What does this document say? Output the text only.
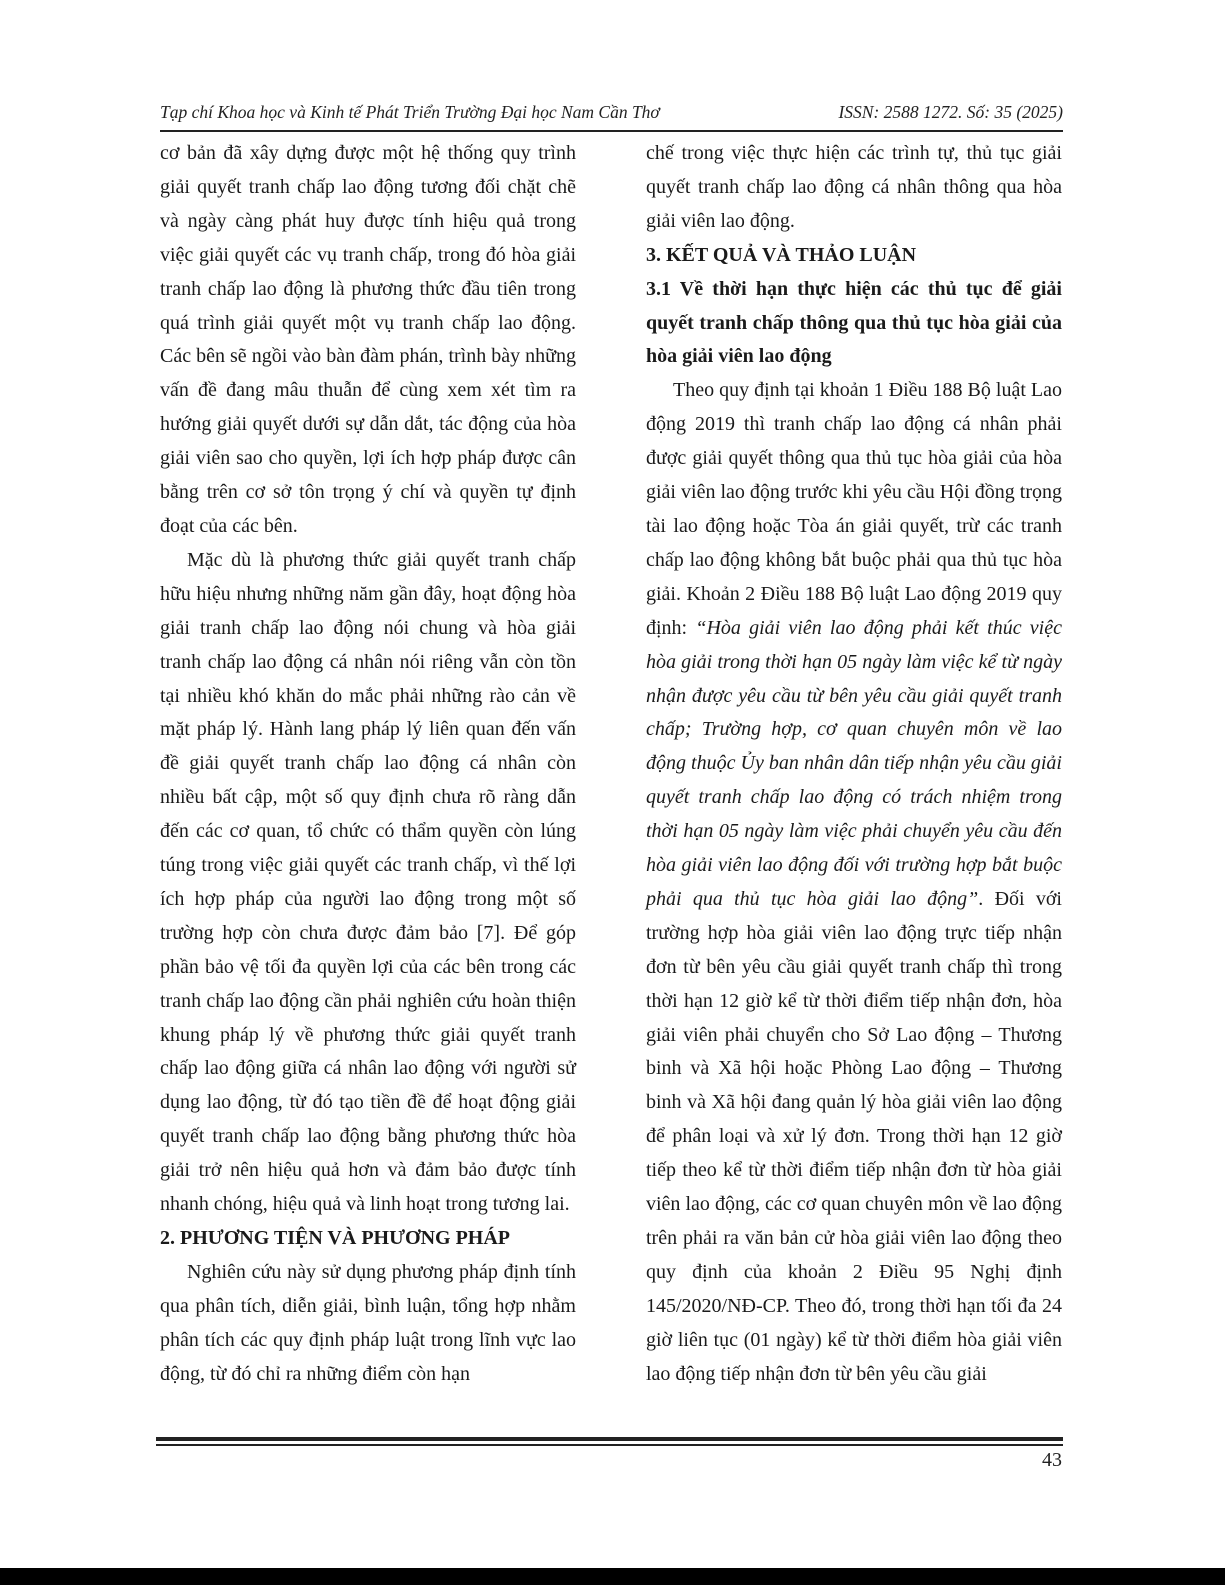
Tạp chí Khoa học và Kinh tế Phát Triển Trường Đại học Nam Cần Thơ	ISSN: 2588 1272. Số: 35 (2025)

cơ bản đã xây dựng được một hệ thống quy trình giải quyết tranh chấp lao động tương đối chặt chẽ và ngày càng phát huy được tính hiệu quả trong việc giải quyết các vụ tranh chấp, trong đó hòa giải tranh chấp lao động là phương thức đầu tiên trong quá trình giải quyết một vụ tranh chấp lao động. Các bên sẽ ngồi vào bàn đàm phán, trình bày những vấn đề đang mâu thuẫn để cùng xem xét tìm ra hướng giải quyết dưới sự dẫn dắt, tác động của hòa giải viên sao cho quyền, lợi ích hợp pháp được cân bằng trên cơ sở tôn trọng ý chí và quyền tự định đoạt của các bên.

Mặc dù là phương thức giải quyết tranh chấp hữu hiệu nhưng những năm gần đây, hoạt động hòa giải tranh chấp lao động nói chung và hòa giải tranh chấp lao động cá nhân nói riêng vẫn còn tồn tại nhiều khó khăn do mắc phải những rào cản về mặt pháp lý. Hành lang pháp lý liên quan đến vấn đề giải quyết tranh chấp lao động cá nhân còn nhiều bất cập, một số quy định chưa rõ ràng dẫn đến các cơ quan, tổ chức có thẩm quyền còn lúng túng trong việc giải quyết các tranh chấp, vì thế lợi ích hợp pháp của người lao động trong một số trường hợp còn chưa được đảm bảo [7]. Để góp phần bảo vệ tối đa quyền lợi của các bên trong các tranh chấp lao động cần phải nghiên cứu hoàn thiện khung pháp lý về phương thức giải quyết tranh chấp lao động giữa cá nhân lao động với người sử dụng lao động, từ đó tạo tiền đề để hoạt động giải quyết tranh chấp lao động bằng phương thức hòa giải trở nên hiệu quả hơn và đảm bảo được tính nhanh chóng, hiệu quả và linh hoạt trong tương lai.

2. PHƯƠNG TIỆN VÀ PHƯƠNG PHÁP

Nghiên cứu này sử dụng phương pháp định tính qua phân tích, diễn giải, bình luận, tổng hợp nhằm phân tích các quy định pháp luật trong lĩnh vực lao động, từ đó chỉ ra những điểm còn hạn

chế trong việc thực hiện các trình tự, thủ tục giải quyết tranh chấp lao động cá nhân thông qua hòa giải viên lao động.

3. KẾT QUẢ VÀ THẢO LUẬN
3.1 Về thời hạn thực hiện các thủ tục để giải quyết tranh chấp thông qua thủ tục hòa giải của hòa giải viên lao động

Theo quy định tại khoản 1 Điều 188 Bộ luật Lao động 2019 thì tranh chấp lao động cá nhân phải được giải quyết thông qua thủ tục hòa giải của hòa giải viên lao động trước khi yêu cầu Hội đồng trọng tài lao động hoặc Tòa án giải quyết, trừ các tranh chấp lao động không bắt buộc phải qua thủ tục hòa giải. Khoản 2 Điều 188 Bộ luật Lao động 2019 quy định: “Hòa giải viên lao động phải kết thúc việc hòa giải trong thời hạn 05 ngày làm việc kể từ ngày nhận được yêu cầu từ bên yêu cầu giải quyết tranh chấp; Trường hợp, cơ quan chuyên môn về lao động thuộc Ủy ban nhân dân tiếp nhận yêu cầu giải quyết tranh chấp lao động có trách nhiệm trong thời hạn 05 ngày làm việc phải chuyển yêu cầu đến hòa giải viên lao động đối với trường hợp bắt buộc phải qua thủ tục hòa giải lao động”. Đối với trường hợp hòa giải viên lao động trực tiếp nhận đơn từ bên yêu cầu giải quyết tranh chấp thì trong thời hạn 12 giờ kể từ thời điểm tiếp nhận đơn, hòa giải viên phải chuyển cho Sở Lao động – Thương binh và Xã hội hoặc Phòng Lao động – Thương binh và Xã hội đang quản lý hòa giải viên lao động để phân loại và xử lý đơn. Trong thời hạn 12 giờ tiếp theo kể từ thời điểm tiếp nhận đơn từ hòa giải viên lao động, các cơ quan chuyên môn về lao động trên phải ra văn bản cử hòa giải viên lao động theo quy định của khoản 2 Điều 95 Nghị định 145/2020/NĐ-CP. Theo đó, trong thời hạn tối đa 24 giờ liên tục (01 ngày) kể từ thời điểm hòa giải viên lao động tiếp nhận đơn từ bên yêu cầu giải

43
